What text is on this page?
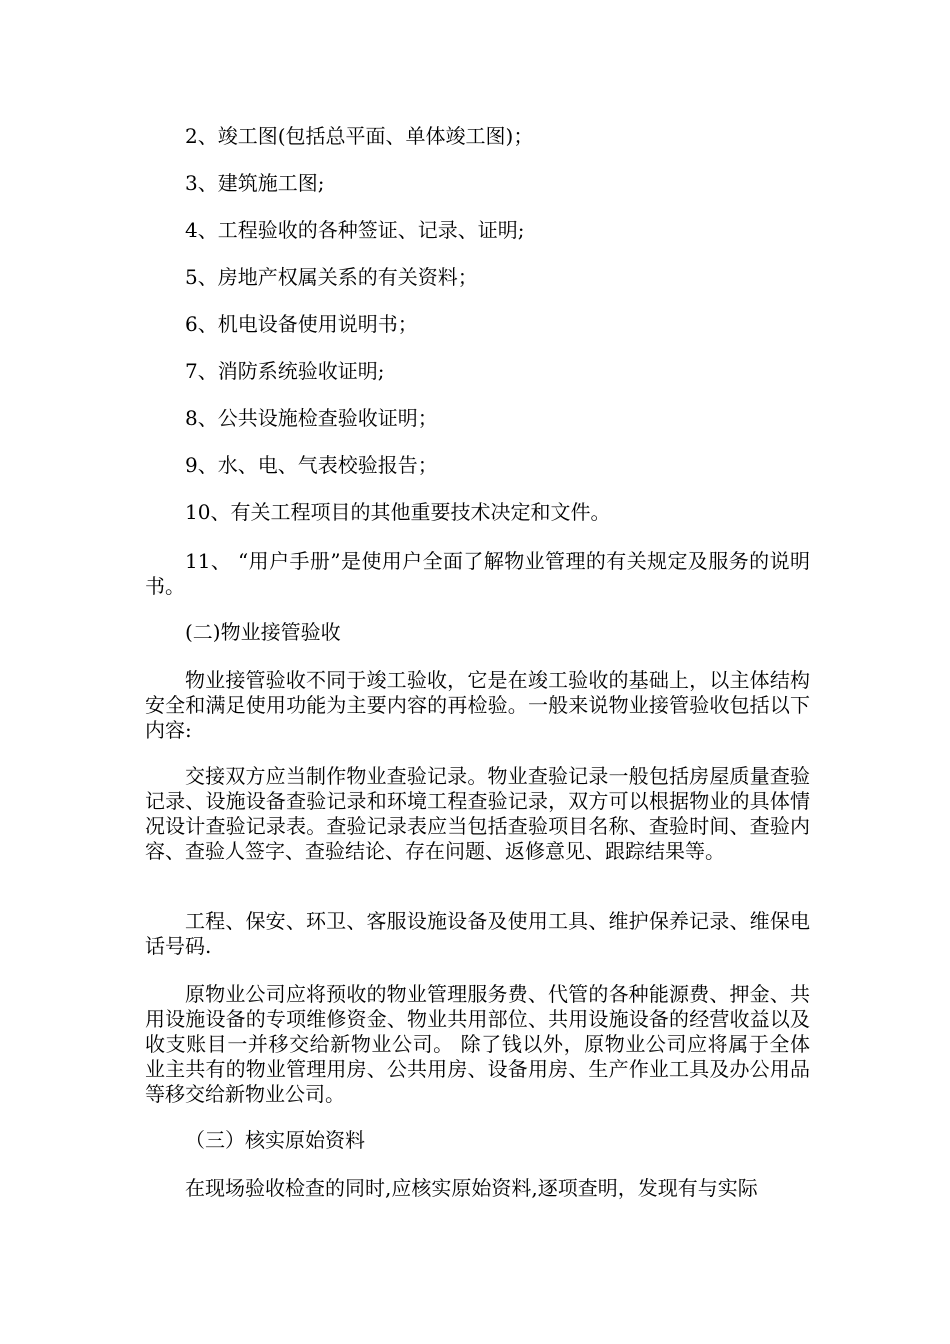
2、竣工图(包括总平面、单体竣工图)；

3、建筑施工图;

4、工程验收的各种签证、记录、证明;

5、房地产权属关系的有关资料；

6、机电设备使用说明书；

7、消防系统验收证明;

8、公共设施检查验收证明；

9、水、电、气表校验报告；

10、有关工程项目的其他重要技术决定和文件。

11、 “用户手册”是使用户全面了解物业管理的有关规定及服务的说明书。

(二)物业接管验收

物业接管验收不同于竣工验收，它是在竣工验收的基础上，以主体结构安全和满足使用功能为主要内容的再检验。一般来说物业接管验收包括以下内容:

交接双方应当制作物业查验记录。物业查验记录一般包括房屋质量查验记录、设施设备查验记录和环境工程查验记录，双方可以根据物业的具体情况设计查验记录表。查验记录表应当包括查验项目名称、查验时间、查验内容、查验人签字、查验结论、存在问题、返修意见、跟踪结果等。

工程、保安、环卫、客服设施设备及使用工具、维护保养记录、维保电话号码.

原物业公司应将预收的物业管理服务费、代管的各种能源费、押金、共用设施设备的专项维修资金、物业共用部位、共用设施设备的经营收益以及收支账目一并移交给新物业公司。 除了钱以外，原物业公司应将属于全体业主共有的物业管理用房、公共用房、设备用房、生产作业工具及办公用品等移交给新物业公司。

（三）核实原始资料

在现场验收检查的同时,应核实原始资料,逐项查明，发现有与实际
